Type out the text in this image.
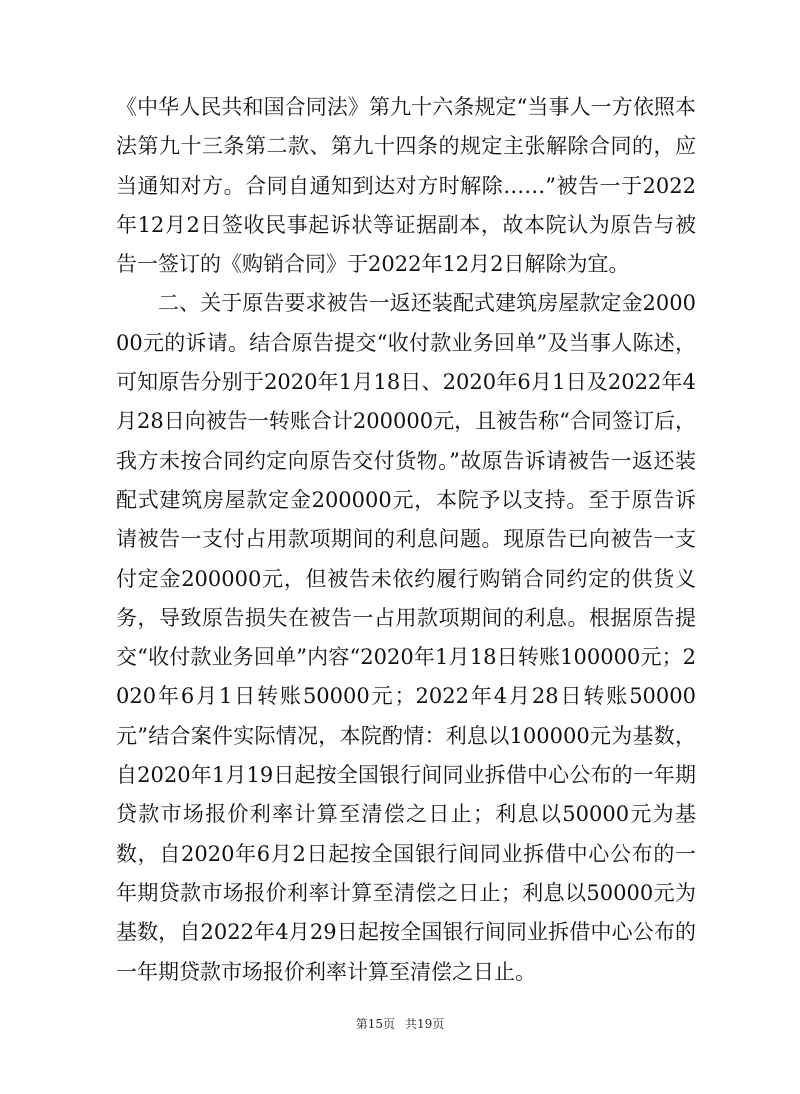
《中华人民共和国合同法》第九十六条规定“当事人一方依照本法第九十三条第二款、第九十四条的规定主张解除合同的，应当通知对方。合同自通知到达对方时解除……”被告一于2022年12月2日签收民事起诉状等证据副本，故本院认为原告与被告一签订的《购销合同》于2022年12月2日解除为宜。

二、关于原告要求被告一返还装配式建筑房屋款定金200000元的诉请。结合原告提交“收付款业务回单”及当事人陈述，可知原告分别于2020年1月18日、2020年6月1日及2022年4月28日向被告一转账合计200000元，且被告称“合同签订后，我方未按合同约定向原告交付货物。”故原告诉请被告一返还装配式建筑房屋款定金200000元，本院予以支持。至于原告诉请被告一支付占用款项期间的利息问题。现原告已向被告一支付定金200000元，但被告未依约履行购销合同约定的供货义务，导致原告损失在被告一占用款项期间的利息。根据原告提交“收付款业务回单”内容“2020年1月18日转账100000元；2020年6月1日转账50000元；2022年4月28日转账50000元”结合案件实际情况，本院酌情：利息以100000元为基数，自2020年1月19日起按全国银行间同业拆借中心公布的一年期贷款市场报价利率计算至清偿之日止；利息以50000元为基数，自2020年6月2日起按全国银行间同业拆借中心公布的一年期贷款市场报价利率计算至清偿之日止；利息以50000元为基数，自2022年4月29日起按全国银行间同业拆借中心公布的一年期贷款市场报价利率计算至清偿之日止。

第15页 共19页
